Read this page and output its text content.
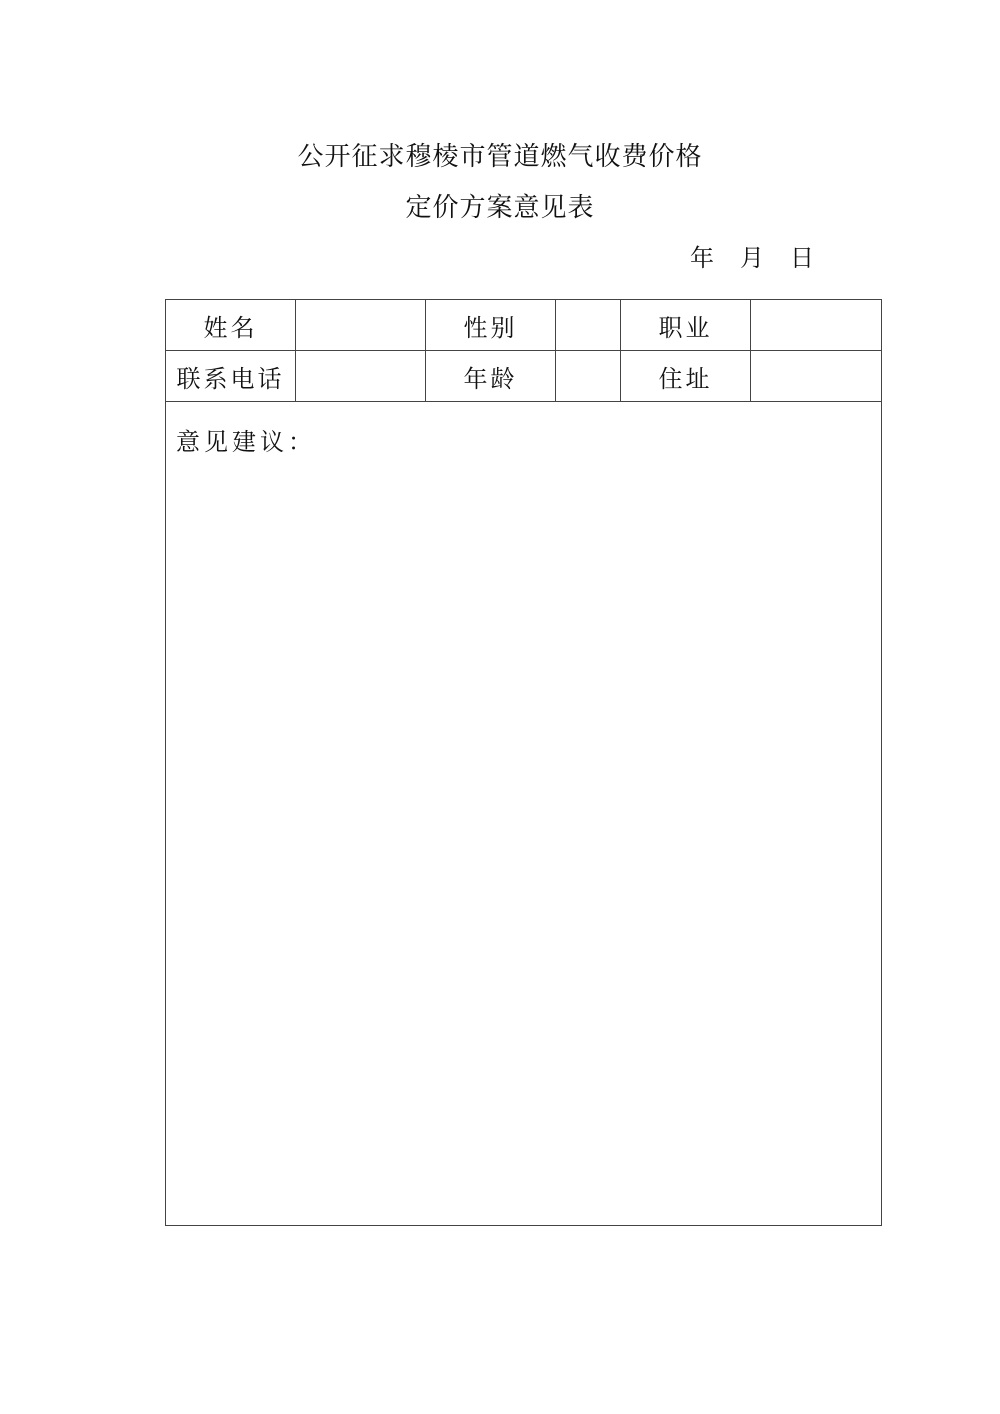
公开征求穆棱市管道燃气收费价格
定价方案意见表
年 月 日
姓名		性别		职业	
联系电话		年龄		住址	
意见建议：					
